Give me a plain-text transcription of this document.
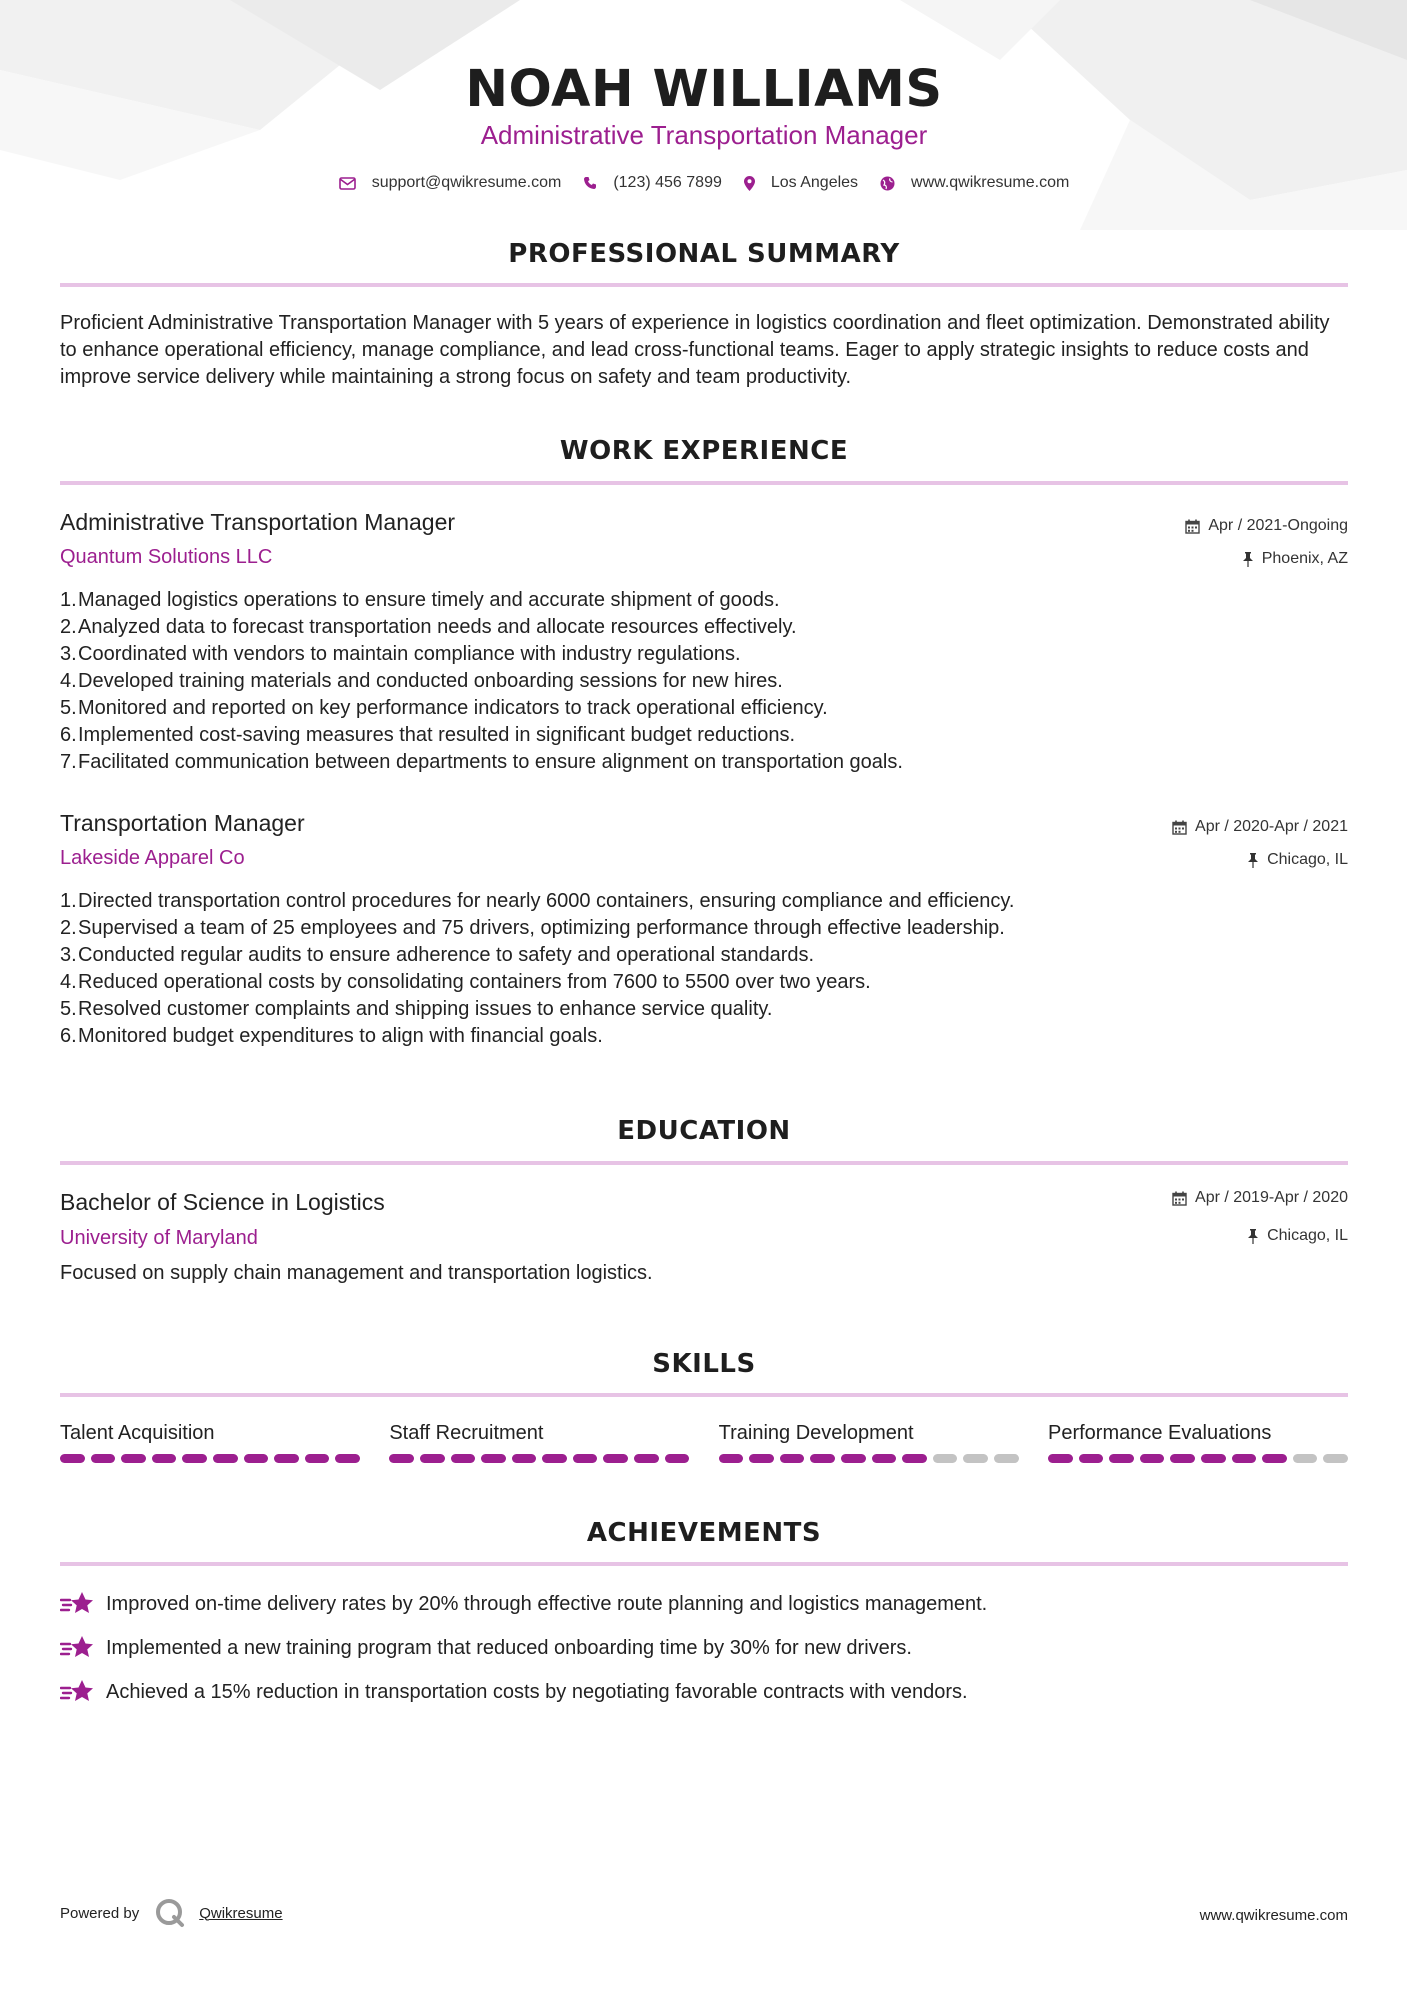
NOAH WILLIAMS
Administrative Transportation Manager
support@qwikresume.com	(123) 456 7899	Los Angeles	www.qwikresume.com
PROFESSIONAL SUMMARY
Proficient Administrative Transportation Manager with 5 years of experience in logistics coordination and fleet optimization. Demonstrated ability to enhance operational efficiency, manage compliance, and lead cross-functional teams. Eager to apply strategic insights to reduce costs and improve service delivery while maintaining a strong focus on safety and team productivity.
WORK EXPERIENCE
Administrative Transportation Manager
Quantum Solutions LLC
Apr / 2021-Ongoing
Phoenix, AZ
Managed logistics operations to ensure timely and accurate shipment of goods.
Analyzed data to forecast transportation needs and allocate resources effectively.
Coordinated with vendors to maintain compliance with industry regulations.
Developed training materials and conducted onboarding sessions for new hires.
Monitored and reported on key performance indicators to track operational efficiency.
Implemented cost-saving measures that resulted in significant budget reductions.
Facilitated communication between departments to ensure alignment on transportation goals.
Transportation Manager
Lakeside Apparel Co
Apr / 2020-Apr / 2021
Chicago, IL
Directed transportation control procedures for nearly 6000 containers, ensuring compliance and efficiency.
Supervised a team of 25 employees and 75 drivers, optimizing performance through effective leadership.
Conducted regular audits to ensure adherence to safety and operational standards.
Reduced operational costs by consolidating containers from 7600 to 5500 over two years.
Resolved customer complaints and shipping issues to enhance service quality.
Monitored budget expenditures to align with financial goals.
EDUCATION
Bachelor of Science in Logistics
University of Maryland
Apr / 2019-Apr / 2020
Chicago, IL
Focused on supply chain management and transportation logistics.
SKILLS
Talent Acquisition	Staff Recruitment	Training Development	Performance Evaluations
ACHIEVEMENTS
Improved on-time delivery rates by 20% through effective route planning and logistics management.
Implemented a new training program that reduced onboarding time by 30% for new drivers.
Achieved a 15% reduction in transportation costs by negotiating favorable contracts with vendors.
Powered by	Qwikresume	www.qwikresume.com
